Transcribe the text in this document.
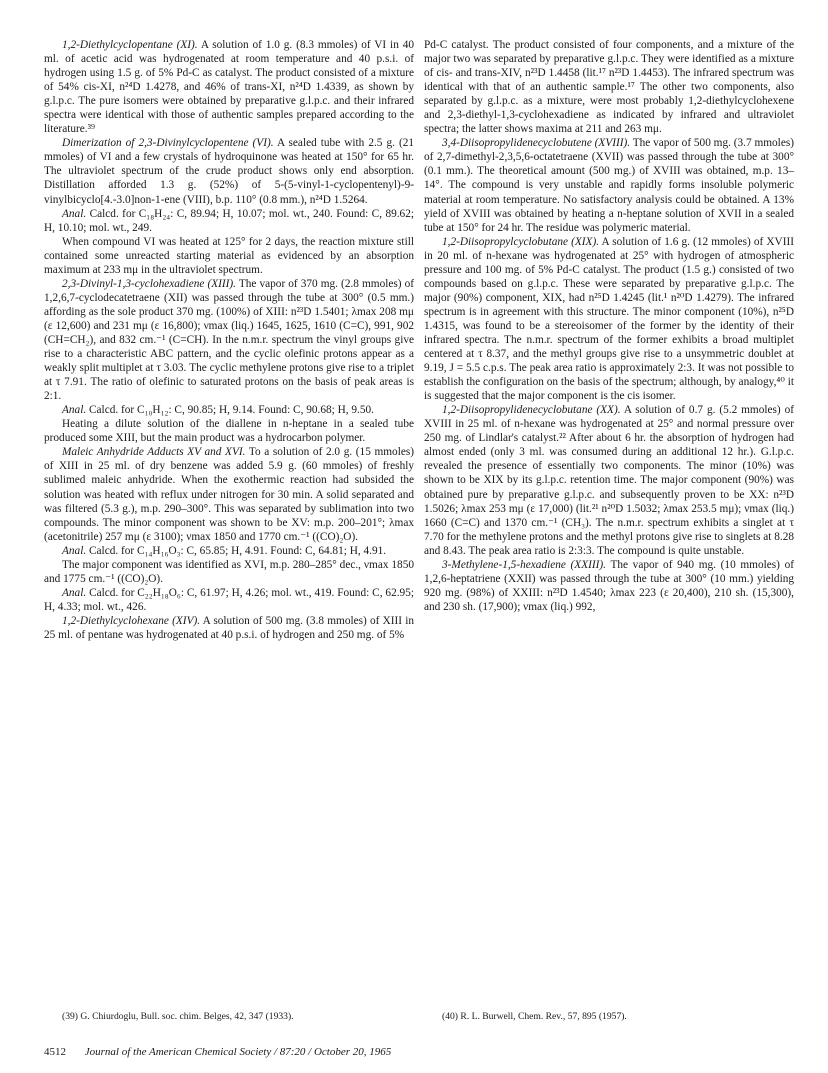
1,2-Diethylcyclopentane (XI). A solution of 1.0 g. (8.3 mmoles) of VI in 40 ml. of acetic acid was hydrogenated at room temperature and 40 p.s.i. of hydrogen using 1.5 g. of 5% Pd-C as catalyst. The product consisted of a mixture of 54% cis-XI, n²⁴D 1.4278, and 46% of trans-XI, n²⁴D 1.4339, as shown by g.l.p.c. The pure isomers were obtained by preparative g.l.p.c. and their infrared spectra were identical with those of authentic samples prepared according to the literature.³⁹

Dimerization of 2,3-Divinylcyclopentene (VI). A sealed tube with 2.5 g. (21 mmoles) of VI and a few crystals of hydroquinone was heated at 150° for 65 hr. The ultraviolet spectrum of the crude product shows only end absorption. Distillation afforded 1.3 g. (52%) of 5-(5-vinyl-1-cyclopentenyl)-9-vinylbicyclo[4.-3.0]non-1-ene (VIII), b.p. 110° (0.8 mm.), n²⁴D 1.5264.

Anal. Calcd. for C₁₈H₂₄: C, 89.94; H, 10.07; mol. wt., 240. Found: C, 89.62; H, 10.10; mol. wt., 249.

When compound VI was heated at 125° for 2 days, the reaction mixture still contained some unreacted starting material as evidenced by an absorption maximum at 233 mμ in the ultraviolet spectrum.

2,3-Divinyl-1,3-cyclohexadiene (XIII). The vapor of 370 mg. (2.8 mmoles) of 1,2,6,7-cyclodecatetraene (XII) was passed through the tube at 300° (0.5 mm.) affording as the sole product 370 mg. (100%) of XIII: n²³D 1.5401; λmax 208 mμ (ε 12,600) and 231 mμ (ε 16,800); νmax (liq.) 1645, 1625, 1610 (C=C), 991, 902 (CH=CH₂), and 832 cm.⁻¹ (C=CH). In the n.m.r. spectrum the vinyl groups give rise to a characteristic ABC pattern, and the cyclic olefinic protons appear as a weakly split multiplet at τ 3.03. The cyclic methylene protons give rise to a triplet at τ 7.91. The ratio of olefinic to saturated protons on the basis of peak areas is 2:1.

Anal. Calcd. for C₁₀H₁₂: C, 90.85; H, 9.14. Found: C, 90.68; H, 9.50.

Heating a dilute solution of the diallene in n-heptane in a sealed tube produced some XIII, but the main product was a hydrocarbon polymer.

Maleic Anhydride Adducts XV and XVI. To a solution of 2.0 g. (15 mmoles) of XIII in 25 ml. of dry benzene was added 5.9 g. (60 mmoles) of freshly sublimed maleic anhydride. When the exothermic reaction had subsided the solution was heated with reflux under nitrogen for 30 min. A solid separated and was filtered (5.3 g.), m.p. 290–300°. This was separated by sublimation into two compounds. The minor component was shown to be XV: m.p. 200–201°; λmax (acetonitrile) 257 mμ (ε 3100); νmax 1850 and 1770 cm.⁻¹ ((CO)₂O).

Anal. Calcd. for C₁₄H₁₆O₃: C, 65.85; H, 4.91. Found: C, 64.81; H, 4.91.

The major component was identified as XVI, m.p. 280–285° dec., νmax 1850 and 1775 cm.⁻¹ ((CO)₂O).

Anal. Calcd. for C₂₂H₁₈O₆: C, 61.97; H, 4.26; mol. wt., 419. Found: C, 62.95; H, 4.33; mol. wt., 426.

1,2-Diethylcyclohexane (XIV). A solution of 500 mg. (3.8 mmoles) of XIII in 25 ml. of pentane was hydrogenated at 40 p.s.i. of hydrogen and 250 mg. of 5%

Pd-C catalyst. The product consisted of four components, and a mixture of the major two was separated by preparative g.l.p.c. They were identified as a mixture of cis- and trans-XIV, n²³D 1.4458 (lit.¹⁷ n²³D 1.4453). The infrared spectrum was identical with that of an authentic sample.¹⁷ The other two components, also separated by g.l.p.c. as a mixture, were most probably 1,2-diethylcyclohexene and 2,3-diethyl-1,3-cyclohexadiene as indicated by infrared and ultraviolet spectra; the latter shows maxima at 211 and 263 mμ.

3,4-Diisopropylidenecyclobutene (XVIII). The vapor of 500 mg. (3.7 mmoles) of 2,7-dimethyl-2,3,5,6-octatetraene (XVII) was passed through the tube at 300° (0.1 mm.). The theoretical amount (500 mg.) of XVIII was obtained, m.p. 13–14°. The compound is very unstable and rapidly forms insoluble polymeric material at room temperature. No satisfactory analysis could be obtained. A 13% yield of XVIII was obtained by heating a n-heptane solution of XVII in a sealed tube at 150° for 24 hr. The residue was polymeric material.

1,2-Diisopropylcyclobutane (XIX). A solution of 1.6 g. (12 mmoles) of XVIII in 20 ml. of n-hexane was hydrogenated at 25° with hydrogen of atmospheric pressure and 100 mg. of 5% Pd-C catalyst. The product (1.5 g.) consisted of two compounds based on g.l.p.c. These were separated by preparative g.l.p.c. The major (90%) component, XIX, had n²⁵D 1.4245 (lit.¹ n²⁰D 1.4279). The infrared spectrum is in agreement with this structure. The minor component (10%), n²⁵D 1.4315, was found to be a stereoisomer of the former by the identity of their infrared spectra. The n.m.r. spectrum of the former exhibits a broad multiplet centered at τ 8.37, and the methyl groups give rise to a unsymmetric doublet at 9.19, J = 5.5 c.p.s. The peak area ratio is approximately 2:3. It was not possible to establish the configuration on the basis of the spectrum; although, by analogy,⁴⁰ it is suggested that the major component is the cis isomer.

1,2-Diisopropylidenecyclobutane (XX). A solution of 0.7 g. (5.2 mmoles) of XVIII in 25 ml. of n-hexane was hydrogenated at 25° and normal pressure over 250 mg. of Lindlar's catalyst.²² After about 6 hr. the absorption of hydrogen had almost ended (only 3 ml. was consumed during an additional 12 hr.). G.l.p.c. revealed the presence of essentially two components. The minor (10%) was shown to be XIX by its g.l.p.c. retention time. The major component (90%) was obtained pure by preparative g.l.p.c. and subsequently proven to be XX: n²³D 1.5026; λmax 253 mμ (ε 17,000) (lit.²¹ n²⁰D 1.5032; λmax 253.5 mμ); νmax (liq.) 1660 (C=C) and 1370 cm.⁻¹ (CH₃). The n.m.r. spectrum exhibits a singlet at τ 7.70 for the methylene protons and the methyl protons give rise to singlets at 8.28 and 8.43. The peak area ratio is 2:3:3. The compound is quite unstable.

3-Methylene-1,5-hexadiene (XXIII). The vapor of 940 mg. (10 mmoles) of 1,2,6-heptatriene (XXII) was passed through the tube at 300° (10 mm.) yielding 920 mg. (98%) of XXIII: n²³D 1.4540; λmax 223 (ε 20,400), 210 sh. (15,300), and 230 sh. (17,900); νmax (liq.) 992,

(39) G. Chiurdoglu, Bull. soc. chim. Belges, 42, 347 (1933).	(40) R. L. Burwell, Chem. Rev., 57, 895 (1957).
4512 Journal of the American Chemical Society / 87:20 / October 20, 1965
